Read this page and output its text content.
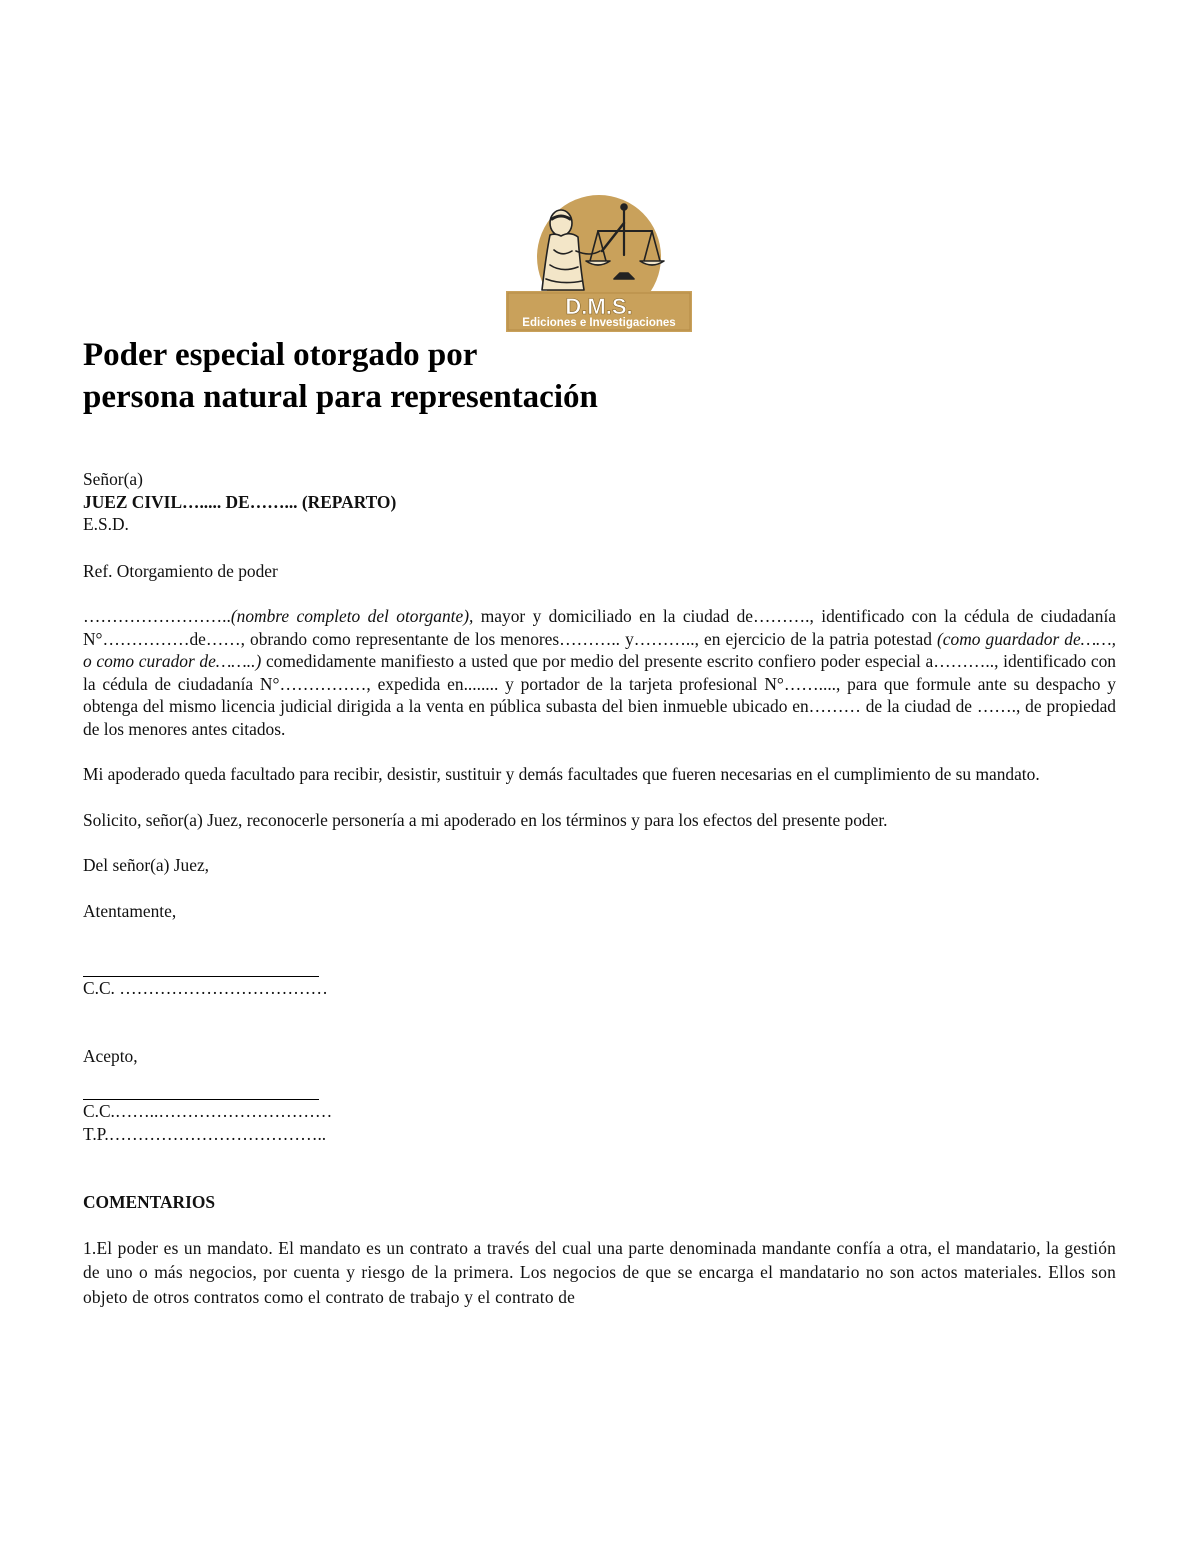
D.M.S.
Ediciones e Investigaciones
Poder especial otorgado por
persona natural para representación
Señor(a)
JUEZ CIVIL…..... DE……... (REPARTO)
E.S.D.
Ref. Otorgamiento de poder

……………………..(nombre completo del otorgante), mayor y domiciliado en la ciudad de………., identificado con la cédula de ciudadanía N°……………de……, obrando como representante de los menores……….. y……….., en ejercicio de la patria potestad (como guardador de……, o como curador de……..) comedidamente manifiesto a usted que por medio del presente escrito confiero poder especial a……….., identificado con la cédula de ciudadanía N°……………, expedida en........ y portador de la tarjeta profesional N°……...., para que formule ante su despacho y obtenga del mismo licencia judicial dirigida a la venta en pública subasta del bien inmueble ubicado en……… de la ciudad de ……., de propiedad de los menores antes citados.

Mi apoderado queda facultado para recibir, desistir, sustituir y demás facultades que fueren necesarias en el cumplimiento de su mandato.

Solicito, señor(a) Juez, reconocerle personería a mi apoderado en los términos y para los efectos del presente poder.

Del señor(a) Juez,
Atentamente,
C.C. ………………………………
Acepto,
C.C.……..…………………………
T.P.………………………………..
COMENTARIOS

1.El poder es un mandato. El mandato es un contrato a través del cual una parte denominada mandante confía a otra, el mandatario, la gestión de uno o más negocios, por cuenta y riesgo de la primera. Los negocios de que se encarga el mandatario no son actos materiales. Ellos son objeto de otros contratos como el contrato de trabajo y el contrato de
